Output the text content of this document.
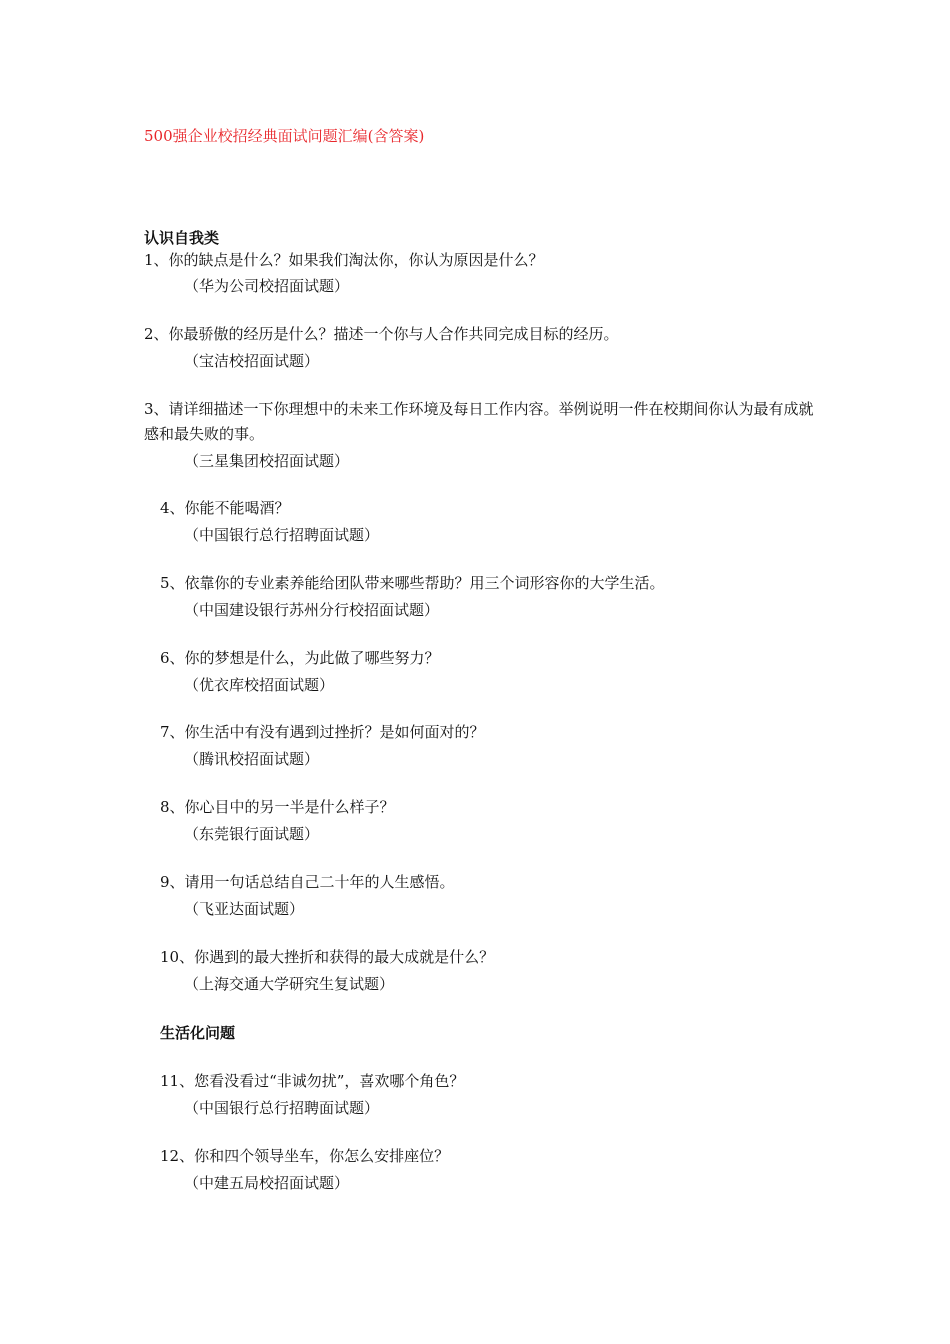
500强企业校招经典面试问题汇编(含答案)
认识自我类
1、你的缺点是什么？如果我们淘汰你，你认为原因是什么？
（华为公司校招面试题）
2、你最骄傲的经历是什么？描述一个你与人合作共同完成目标的经历。
（宝洁校招面试题）
3、请详细描述一下你理想中的未来工作环境及每日工作内容。举例说明一件在校期间你认为最有成就感和最失败的事。
（三星集团校招面试题）
4、你能不能喝酒？
（中国银行总行招聘面试题）
5、依靠你的专业素养能给团队带来哪些帮助？用三个词形容你的大学生活。
（中国建设银行苏州分行校招面试题）
6、你的梦想是什么，为此做了哪些努力？
（优衣库校招面试题）
7、你生活中有没有遇到过挫折？是如何面对的？
（腾讯校招面试题）
8、你心目中的另一半是什么样子？
（东莞银行面试题）
9、请用一句话总结自己二十年的人生感悟。
（飞亚达面试题）
10、你遇到的最大挫折和获得的最大成就是什么？
（上海交通大学研究生复试题）
生活化问题
11、您看没看过“非诚勿扰”，喜欢哪个角色？
（中国银行总行招聘面试题）
12、你和四个领导坐车，你怎么安排座位？
（中建五局校招面试题）
